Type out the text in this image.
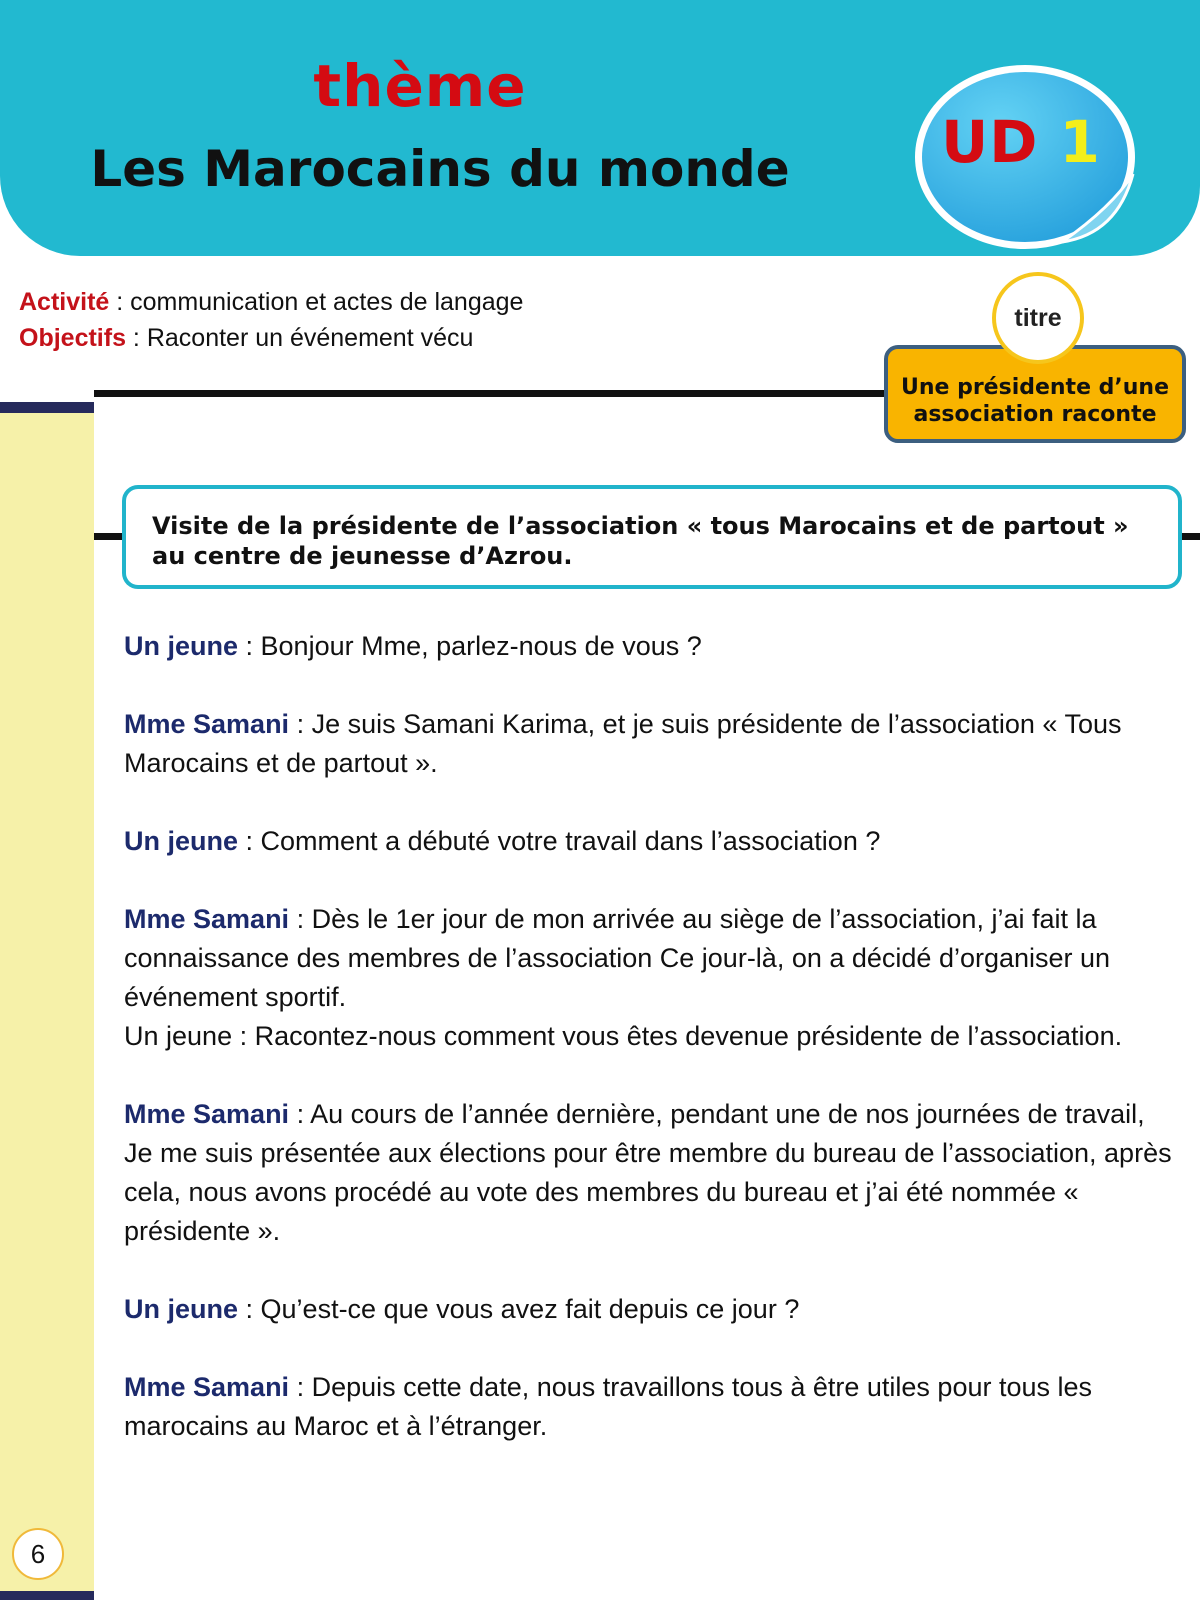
thème
Les Marocains du monde	UD 1
Activité : communication et actes de langage
Objectifs : Raconter un événement vécu
titre
Une présidente d’une association raconte
Visite de la présidente de l’association « tous Marocains et de partout » au centre de jeunesse d’Azrou.

Un jeune : Bonjour Mme, parlez-nous de vous ?

Mme Samani : Je suis Samani Karima, et je suis présidente de l’association « Tous Marocains et de partout ».

Un jeune : Comment a débuté votre travail dans l’association ?

Mme Samani : Dès le 1er jour de mon arrivée au siège de l’association, j’ai fait la connaissance des membres de l’association Ce jour-là, on a décidé d’organiser un événement sportif.
Un jeune : Racontez-nous comment vous êtes devenue présidente de l’association.

Mme Samani : Au cours de l’année dernière, pendant une de nos journées de travail, Je me suis présentée aux élections pour être membre du bureau de l’association, après cela, nous avons procédé au vote des membres du bureau et j’ai été nommée « présidente ».

Un jeune : Qu’est-ce que vous avez fait depuis ce jour ?

Mme Samani : Depuis cette date, nous travaillons tous à être utiles pour tous les marocains au Maroc et à l’étranger.

6
